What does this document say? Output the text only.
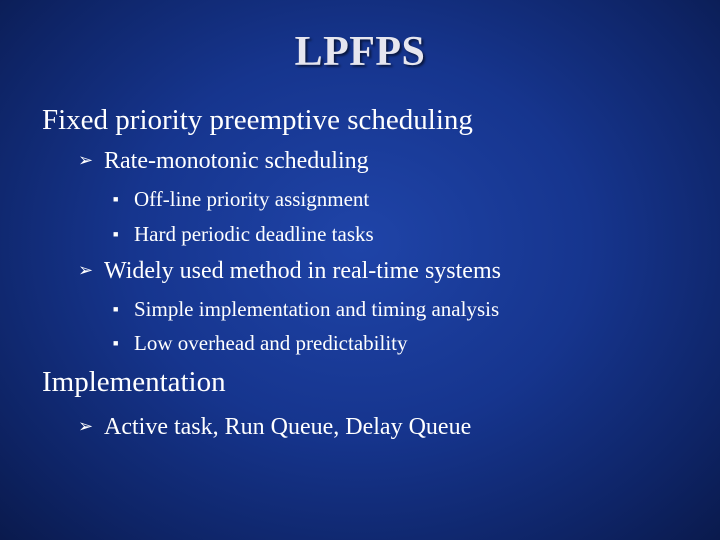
LPFPS
Fixed priority preemptive scheduling
➢ Rate-monotonic scheduling
■ Off-line priority assignment
■ Hard periodic deadline tasks
➢ Widely used method in real-time systems
■ Simple implementation and timing analysis
■ Low overhead and predictability
Implementation
➢ Active task, Run Queue, Delay Queue
